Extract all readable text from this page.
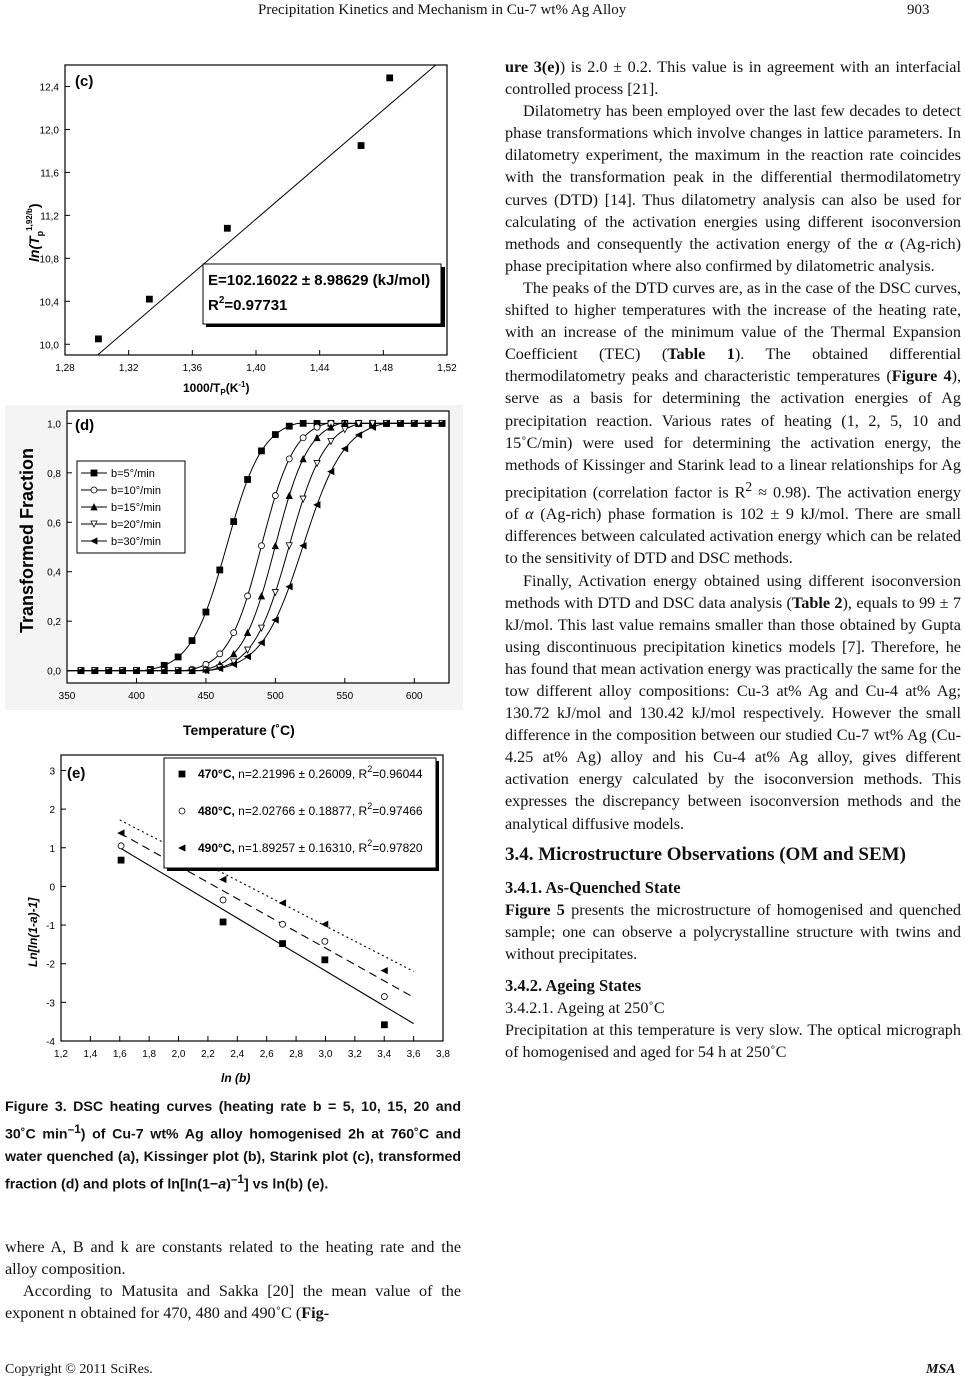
Precipitation Kinetics and Mechanism in Cu-7 wt% Ag Alloy	903
1,28	1,32	1,36	1,40	1,44	1,48	1,52
10,0
10,4
10,8
11,2
11,6
12,0
12,4 (c)
E=102.16022 ± 8.98629 (kJ/mol)
$R^2=0.97731$
$1000/T_P(K^{-1})$
$\ln(T_p^{1,92/b})$
350	400	450	500	550	600
0,0
0,2
0,4
0,6
0,8
1,0 (d)
b=5°/min
b=10°/min
b=15°/min
b=20°/min
b=30°/min
Temperature (˚C)
Transformed Fraction
1,2 1,4 1,6 1,8 2,0 2,2 2,4 2,6 2,8 3,0 3,2 3,4 3,6 3,8
-4
-3
-2
-1
0
1
2
3 (e)	470°C, n=2.21996 ± 0.26009, $R^2=0.96044$
480°C, n=2.02766 ± 0.18877, $R^2=0.97466$
490°C, n=1.89257 ± 0.16310, $R^2=0.97820$
ln (b)
Ln[ln(1-a)-1]
Figure 3. DSC heating curves (heating rate b = 5, 10, 15, 20 and 30˚C $\min^{-1}$) of Cu-7 wt% Ag alloy homogenised 2h at 760˚C and water quenched (a), Kissinger plot (b), Starink plot (c), transformed fraction (d) and plots of $\ln[\ln(1-a)^{-1}]$ vs ln(b) (e).

where A, B and k are constants related to the heating rate and the alloy composition.

According to Matusita and Sakka [20] the mean value of the exponent n obtained for 470, 480 and 490˚C (Fig-

ure 3(e)) is 2.0 ± 0.2. This value is in agreement with an interfacial controlled process [21].

Dilatometry has been employed over the last few decades to detect phase transformations which involve changes in lattice parameters. In dilatometry experiment, the maximum in the reaction rate coincides with the transformation peak in the differential thermodilatometry curves (DTD) [14]. Thus dilatometry analysis can also be used for calculating of the activation energies using different isoconversion methods and consequently the activation energy of the α (Ag-rich) phase precipitation where also confirmed by dilatometric analysis.

The peaks of the DTD curves are, as in the case of the DSC curves, shifted to higher temperatures with the increase of the heating rate, with an increase of the minimum value of the Thermal Expansion Coefficient (TEC) (Table 1). The obtained differential thermodilatometry peaks and characteristic temperatures (Figure 4), serve as a basis for determining the activation energies of Ag precipitation reaction. Various rates of heating (1, 2, 5, 10 and 15˚C/min) were used for determining the activation energy, the methods of Kissinger and Starink lead to a linear relationships for Ag precipitation (correlation factor is $R^2 \approx 0.98$). The activation energy of α (Ag-rich) phase formation is 102 ± 9 kJ/mol. There are small differences between calculated activation energy which can be related to the sensitivity of DTD and DSC methods.

Finally, Activation energy obtained using different isoconversion methods with DTD and DSC data analysis (Table 2), equals to 99 ± 7 kJ/mol. This last value remains smaller than those obtained by Gupta using discontinuous precipitation kinetics models [7]. Therefore, he has found that mean activation energy was practically the same for the tow different alloy compositions: Cu-3 at% Ag and Cu-4 at% Ag; 130.72 kJ/mol and 130.42 kJ/mol respectively. However the small difference in the composition between our studied Cu-7 wt% Ag (Cu-4.25 at% Ag) alloy and his Cu-4 at% Ag alloy, gives different activation energy calculated by the isoconversion methods. This expresses the discrepancy between isoconversion methods and the analytical diffusive models.

3.4. Microstructure Observations (OM and SEM)

3.4.1. As-Quenched State

Figure 5 presents the microstructure of homogenised and quenched sample; one can observe a polycrystalline structure with twins and without precipitates.

3.4.2. Ageing States

3.4.2.1. Ageing at 250˚C

Precipitation at this temperature is very slow. The optical micrograph of homogenised and aged for 54 h at 250˚C

Copyright © 2011 SciRes.	MSA
